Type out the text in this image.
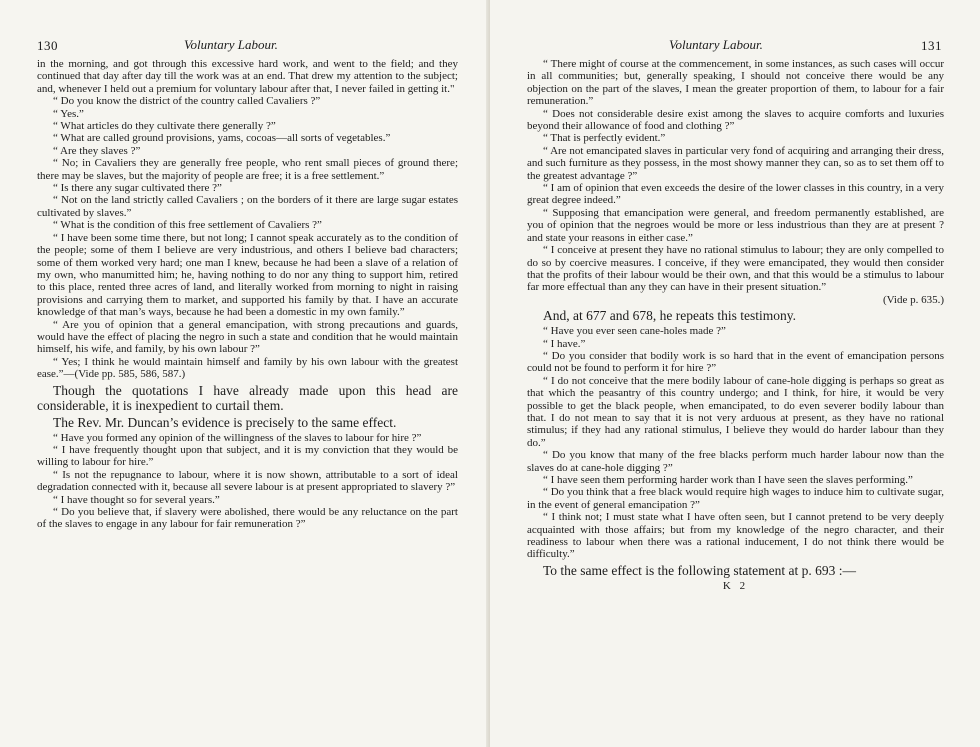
130	Voluntary Labour.

in the morning, and got through this excessive hard work, and went to the field; and they continued that day after day till the work was at an end. That drew my attention to the subject; and, whenever I held out a premium for voluntary labour after that, I never failed in getting it."

“ Do you know the district of the country called Cavaliers ?”

“ Yes.”

“ What articles do they cultivate there generally ?”

“ What are called ground provisions, yams, cocoas—all sorts of vegetables.”

“ Are they slaves ?”

“ No; in Cavaliers they are generally free people, who rent small pieces of ground there; there may be slaves, but the majority of people are free; it is a free settlement.”

“ Is there any sugar cultivated there ?”

“ Not on the land strictly called Cavaliers ; on the borders of it there are large sugar estates cultivated by slaves.”

“ What is the condition of this free settlement of Cavaliers ?”

“ I have been some time there, but not long; I cannot speak accurately as to the condition of the people; some of them I believe are very industrious, and others I believe bad characters; some of them worked very hard; one man I knew, because he had been a slave of a relation of my own, who manumitted him; he, having nothing to do nor any thing to support him, retired to this place, rented three acres of land, and literally worked from morning to night in raising provisions and carrying them to market, and supported his family by that. I have an accurate knowledge of that man’s ways, because he had been a domestic in my own family.”

“ Are you of opinion that a general emancipation, with strong precautions and guards, would have the effect of placing the negro in such a state and condition that he would maintain himself, his wife, and family, by his own labour ?”

“ Yes; I think he would maintain himself and family by his own labour with the greatest ease.”—(Vide pp. 585, 586, 587.)

Though the quotations I have already made upon this head are considerable, it is inexpedient to curtail them.

The Rev. Mr. Duncan’s evidence is precisely to the same effect.

“ Have you formed any opinion of the willingness of the slaves to labour for hire ?”

“ I have frequently thought upon that subject, and it is my conviction that they would be willing to labour for hire.”

“ Is not the repugnance to labour, where it is now shown, attributable to a sort of ideal degradation connected with it, because all severe labour is at present appropriated to slavery ?”

“ I have thought so for several years.”

“ Do you believe that, if slavery were abolished, there would be any reluctance on the part of the slaves to engage in any labour for fair remuneration ?”

Voluntary Labour.	131

“ There might of course at the commencement, in some instances, as such cases will occur in all communities; but, generally speaking, I should not conceive there would be any objection on the part of the slaves, I mean the greater proportion of them, to labour for a fair remuneration.”

“ Does not considerable desire exist among the slaves to acquire comforts and luxuries beyond their allowance of food and clothing ?”

“ That is perfectly evident.”

“ Are not emancipated slaves in particular very fond of acquiring and arranging their dress, and such furniture as they possess, in the most showy manner they can, so as to set them off to the greatest advantage ?”

“ I am of opinion that even exceeds the desire of the lower classes in this country, in a very great degree indeed.”

“ Supposing that emancipation were general, and freedom permanently established, are you of opinion that the negroes would be more or less industrious than they are at present ? and state your reasons in either case.”

“ I conceive at present they have no rational stimulus to labour; they are only compelled to do so by coercive measures. I conceive, if they were emancipated, they would then consider that the profits of their labour would be their own, and that this would be a stimulus to labour far more effectual than any they can have in their present situation.”

(Vide p. 635.)

And, at 677 and 678, he repeats this testimony.

“ Have you ever seen cane-holes made ?”

“ I have.”

“ Do you consider that bodily work is so hard that in the event of emancipation persons could not be found to perform it for hire ?”

“ I do not conceive that the mere bodily labour of cane-hole digging is perhaps so great as that which the peasantry of this country undergo; and I think, for hire, it would be very possible to get the black people, when emancipated, to do even severer bodily labour than that. I do not mean to say that it is not very arduous at present, as they have no rational stimulus; if they had any rational stimulus, I believe they would do harder labour than they do.”

“ Do you know that many of the free blacks perform much harder labour now than the slaves do at cane-hole digging ?”

“ I have seen them performing harder work than I have seen the slaves performing.”

“ Do you think that a free black would require high wages to induce him to cultivate sugar, in the event of general emancipation ?”

“ I think not; I must state what I have often seen, but I cannot pretend to be very deeply acquainted with those affairs; but from my knowledge of the negro character, and their readiness to labour when there was a rational inducement, I do not think there would be difficulty.”

To the same effect is the following statement at p. 693 :—

K 2
